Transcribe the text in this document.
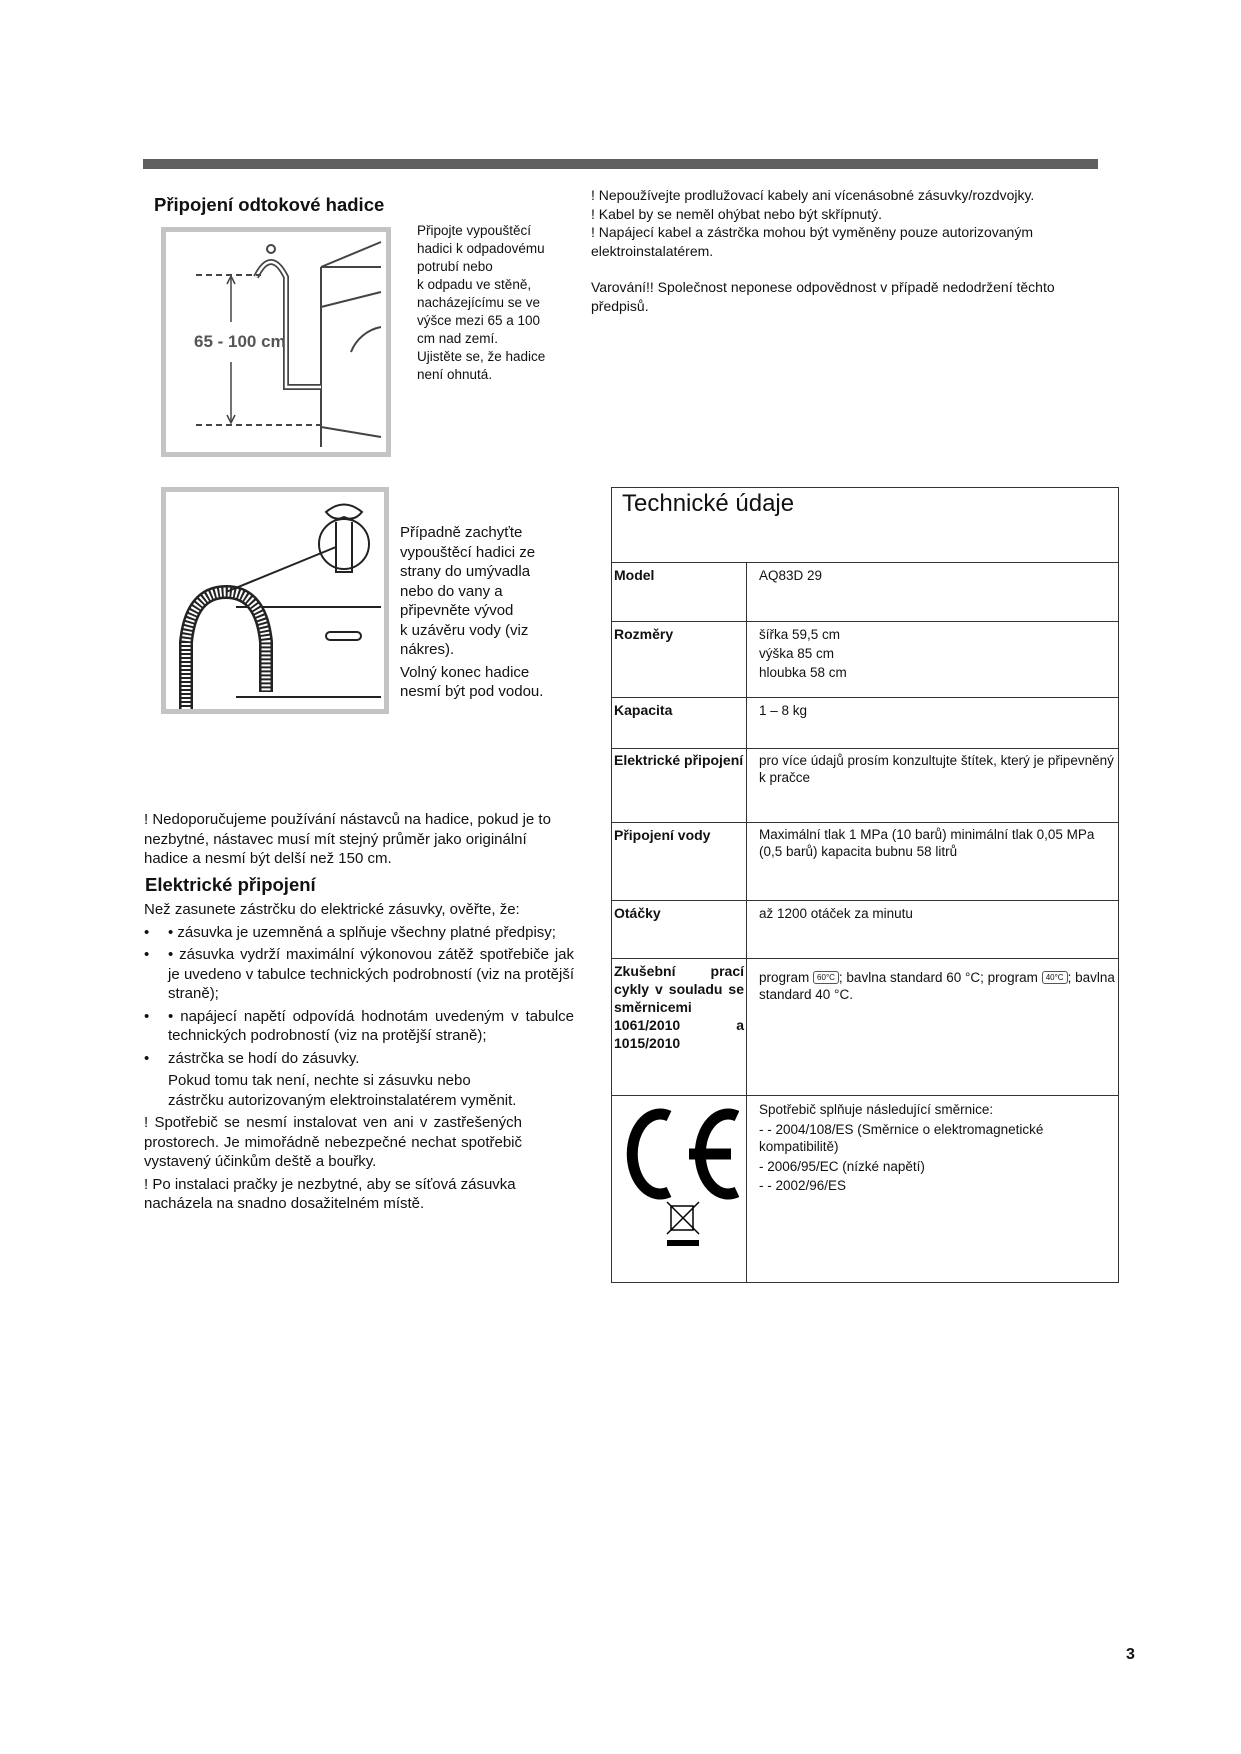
Připojení odtokové hadice
65 - 100 cm
Připojte vypouštěcí
hadici k odpadovému
potrubí nebo
k odpadu ve stěně,
nacházejícímu se ve
výšce mezi 65 a 100
cm nad zemí.
Ujistěte se, že hadice
není ohnutá.
! Nepoužívejte prodlužovací kabely ani vícenásobné zásuvky/rozdvojky.
! Kabel by se neměl ohýbat nebo být skřípnutý.
! Napájecí kabel a zástrčka mohou být vyměněny pouze autorizovaným elektroinstalatérem.
Varování!! Společnost neponese odpovědnost v případě nedodržení těchto předpisů.
Případně zachyťte
vypouštěcí hadici ze
strany do umývadla
nebo do vany a
připevněte vývod
k uzávěru vody (viz
nákres).
Volný konec hadice
nesmí být pod vodou.
! Nedoporučujeme používání nástavců na hadice, pokud je to nezbytné, nástavec musí mít stejný průměr jako originální hadice a nesmí být delší než 150 cm.
Elektrické připojení

Než zasunete zástrčku do elektrické zásuvky, ověřte, že:

• • zásuvka je uzemněná a splňuje všechny platné předpisy;
• • zásuvka vydrží maximální výkonovou zátěž spotřebiče jak je uvedeno v tabulce technických podrobností (viz na protější straně);
• • napájecí napětí odpovídá hodnotám uvedeným v tabulce technických podrobností (viz na protější straně);
• zástrčka se hodí do zásuvky.

Pokud tomu tak není, nechte si zásuvku nebo zástrčku autorizovaným elektroinstalatérem vyměnit.

! Spotřebič se nesmí instalovat ven ani v zastřešených prostorech. Je mimořádně nebezpečné nechat spotřebič vystavený účinkům deště a bouřky.

! Po instalaci pračky je nezbytné, aby se síťová zásuvka nacházela na snadno dosažitelném místě.

Technické údaje	
Model	AQ83D 29
Rozměry	šířka 59,5 cm
výška 85 cm
hloubka 58 cm

Kapacita	1 – 8 kg
Elektrické připojení	pro více údajů prosím konzultujte štítek, který je připevněný k pračce
Připojení vody	Maximální tlak 1 MPa (10 barů) minimální tlak 0,05 MPa (0,5 barů) kapacita bubnu 58 litrů
Otáčky	až 1200 otáček za minutu
Zkušební prací cykly v souladu se směrnicemi 1061/2010 a 1015/2010	program 60°C ; bavlna standard 60 °C; program 40°C ; bavlna standard 40 °C.

Spotřebič splňuje následující směrnice:
- - 2004/108/ES (Směrnice o elektromagnetické kompatibilitě)
- 2006/95/EC (nízké napětí)
- - 2002/96/ES
3
